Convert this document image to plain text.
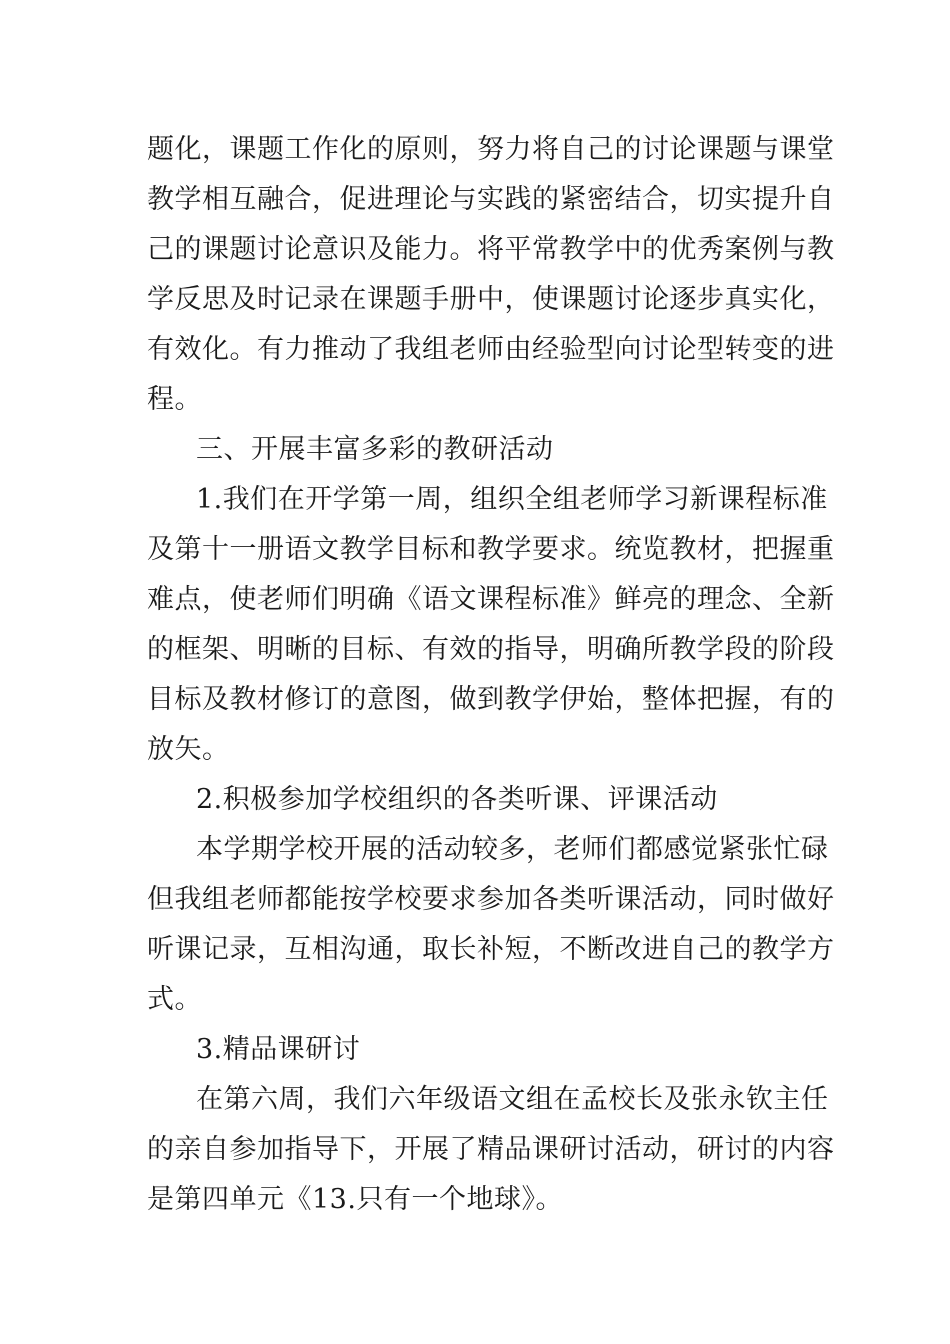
题化，课题工作化的原则，努力将自己的讨论课题与课堂
教学相互融合，促进理论与实践的紧密结合，切实提升自
己的课题讨论意识及能力。将平常教学中的优秀案例与教
学反思及时记录在课题手册中，使课题讨论逐步真实化，
有效化。有力推动了我组老师由经验型向讨论型转变的进
程。
三、开展丰富多彩的教研活动
1.我们在开学第一周，组织全组老师学习新课程标准
及第十一册语文教学目标和教学要求。统览教材，把握重
难点，使老师们明确《语文课程标准》鲜亮的理念、全新
的框架、明晰的目标、有效的指导，明确所教学段的阶段
目标及教材修订的意图，做到教学伊始，整体把握，有的
放矢。
2.积极参加学校组织的各类听课、评课活动
本学期学校开展的活动较多，老师们都感觉紧张忙碌
但我组老师都能按学校要求参加各类听课活动，同时做好
听课记录，互相沟通，取长补短，不断改进自己的教学方
式。
3.精品课研讨
在第六周，我们六年级语文组在孟校长及张永钦主任
的亲自参加指导下，开展了精品课研讨活动，研讨的内容
是第四单元《13.只有一个地球》。
